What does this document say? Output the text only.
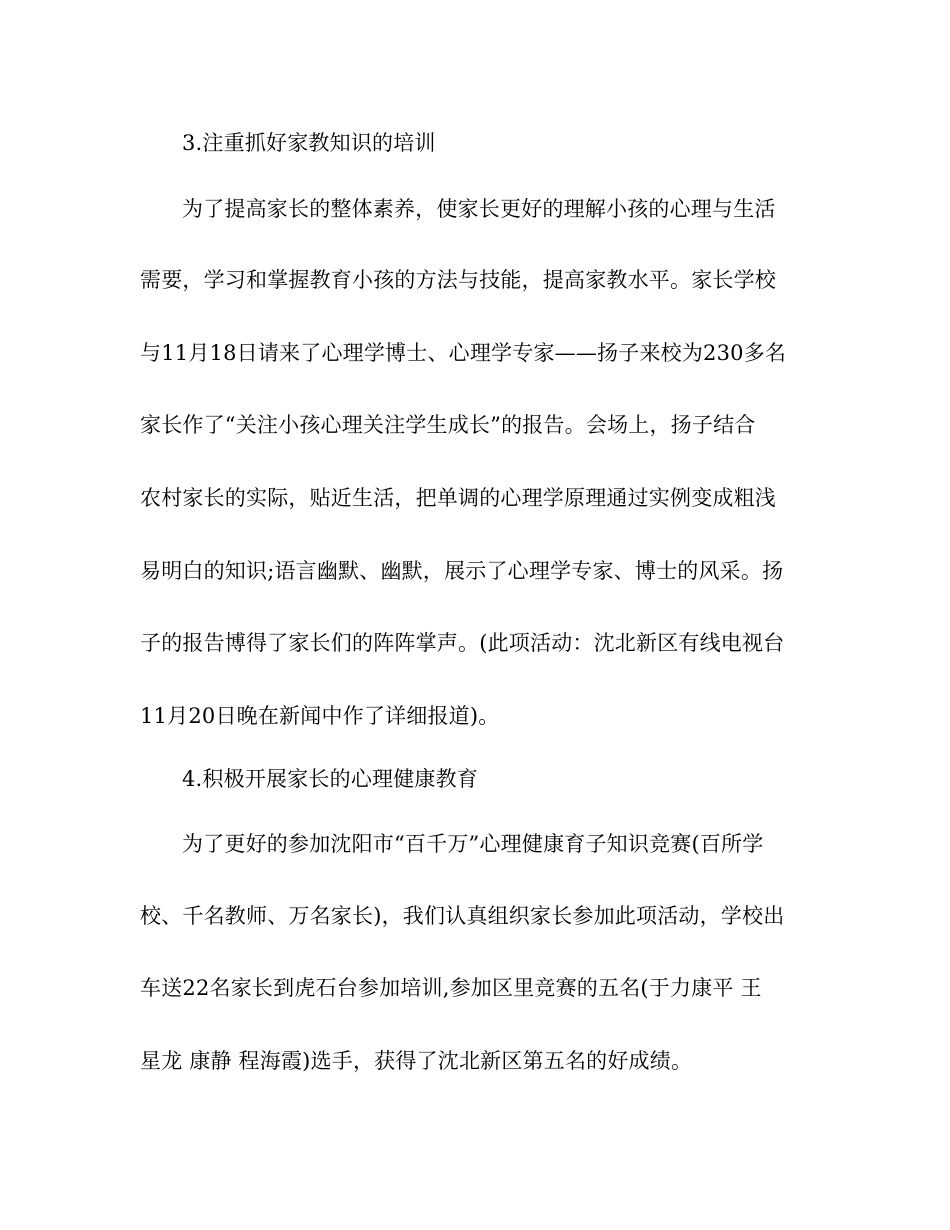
3.注重抓好家教知识的培训
为了提高家长的整体素养，使家长更好的理解小孩的心理与生活
需要，学习和掌握教育小孩的方法与技能，提高家教水平。家长学校
与11月18日请来了心理学博士、心理学专家——扬子来校为230多名
家长作了“关注小孩心理关注学生成长”的报告。会场上，扬子结合
农村家长的实际，贴近生活，把单调的心理学原理通过实例变成粗浅
易明白的知识;语言幽默、幽默，展示了心理学专家、博士的风采。扬
子的报告博得了家长们的阵阵掌声。(此项活动：沈北新区有线电视台
11月20日晚在新闻中作了详细报道)。
4.积极开展家长的心理健康教育
为了更好的参加沈阳市“百千万”心理健康育子知识竞赛(百所学
校、千名教师、万名家长)，我们认真组织家长参加此项活动，学校出
车送22名家长到虎石台参加培训,参加区里竞赛的五名(于力康平 王
星龙 康静 程海霞)选手，获得了沈北新区第五名的好成绩。
